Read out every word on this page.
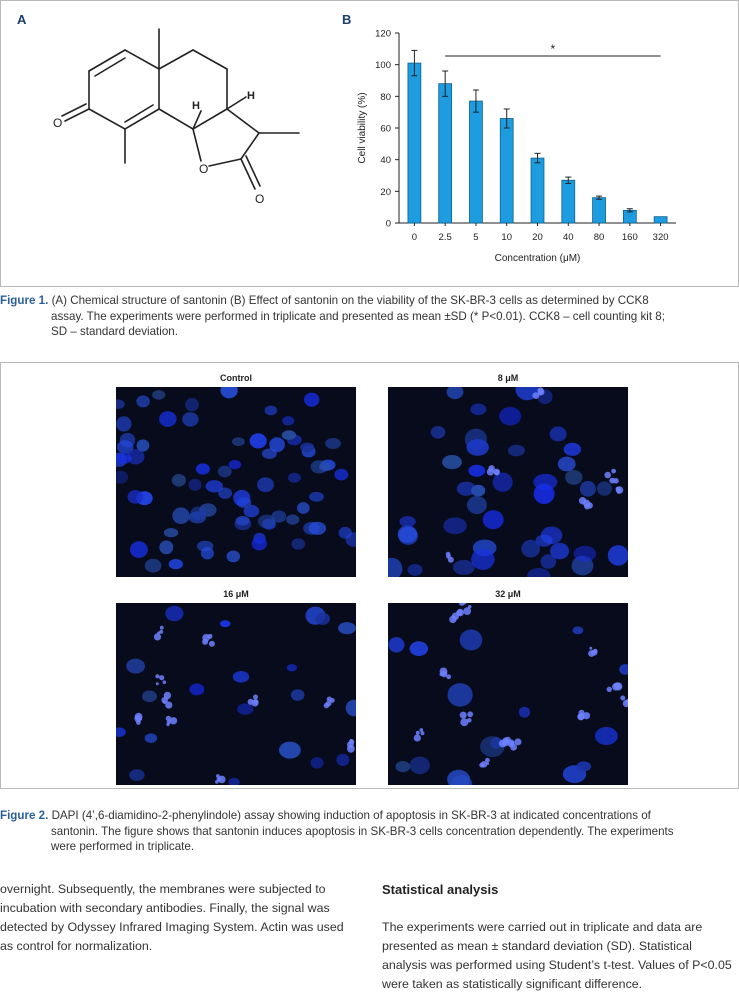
A	B
O
O
O
H
H
0
20
40
60
80
100
120
0 2.5 5 10 20 40 80 160 320
*
Concentration (μM)
Cell viability (%)
Figure 1. (A) Chemical structure of santonin (B) Effect of santonin on the viability of the SK-BR-3 cells as determined by CCK8
assay. The experiments were performed in triplicate and presented as mean ±SD (* P<0.01). CCK8 – cell counting kit 8;
SD – standard deviation.
Control	8 μM
16 μM	32 μM
Figure 2. DAPI (4’,6-diamidino-2-phenylindole) assay showing induction of apoptosis in SK-BR-3 at indicated concentrations of
santonin. The figure shows that santonin induces apoptosis in SK-BR-3 cells concentration dependently. The experiments
were performed in triplicate.

overnight. Subsequently, the membranes were subjected to incubation with secondary antibodies. Finally, the signal was detected by Odyssey Infrared Imaging System. Actin was used as control for normalization.

Statistical analysis

The experiments were carried out in triplicate and data are presented as mean ± standard deviation (SD). Statistical analysis was performed using Student’s t-test. Values of P<0.05 were taken as statistically significant difference.
